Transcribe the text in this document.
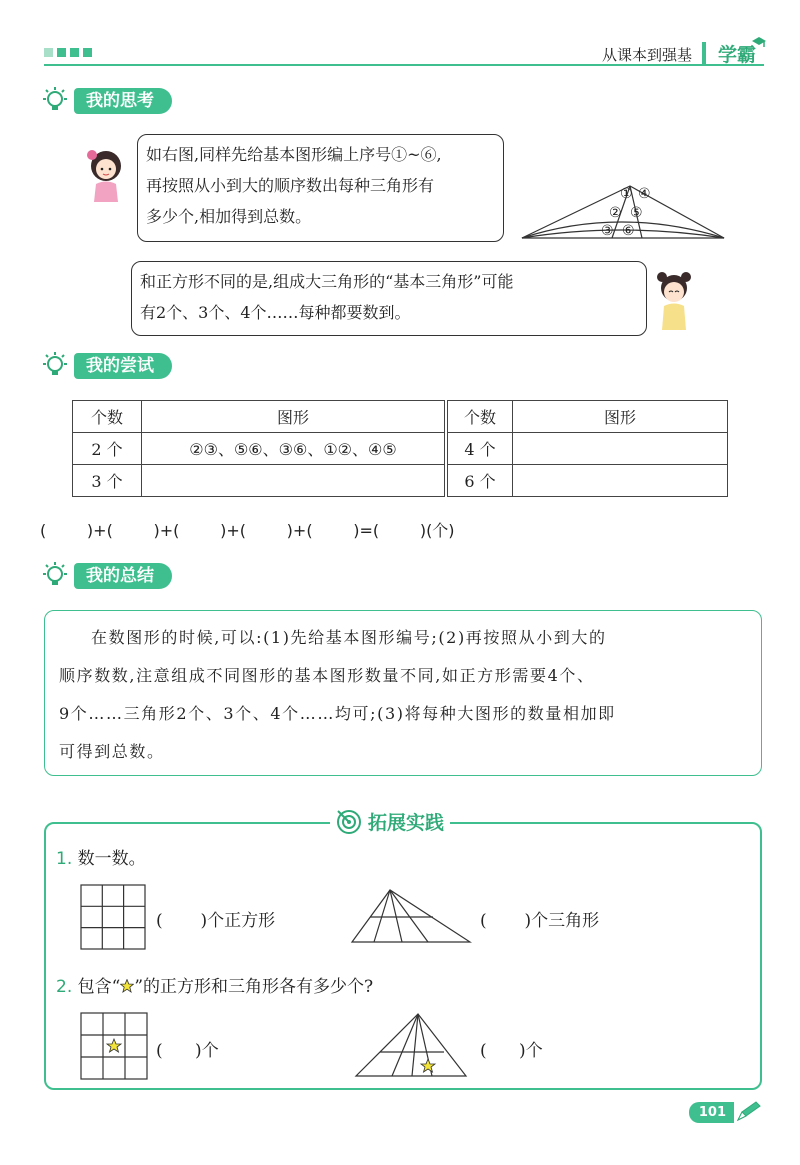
从课本到强基 学霸
我的思考

如右图,同样先给基本图形编上序号①~⑥,

再按照从小到大的顺序数出每种三角形有

多少个,相加得到总数。

① ④
② ⑤
③ ⑥

和正方形不同的是,组成大三角形的“基本三角形”可能

有2个、3个、4个……每种都要数到。

我的尝试
个数	图形	个数	图形
2 个	②③、⑤⑥、③⑥、①②、④⑤	4 个	
3 个		6 个	
(        )+(        )+(        )+(        )+(        )=(        )(个)
我的总结

在数图形的时候,可以:(1)先给基本图形编号;(2)再按照从小到大的

顺序数数,注意组成不同图形的基本图形数量不同,如正方形需要4个、

9个……三角形2个、3个、4个……均可;(3)将每种大图形的数量相加即

可得到总数。

拓展实践
1. 数一数。
(       )个正方形	(       )个三角形
2. 包含“ ”的正方形和三角形各有多少个?
(      )个	(      )个
101
